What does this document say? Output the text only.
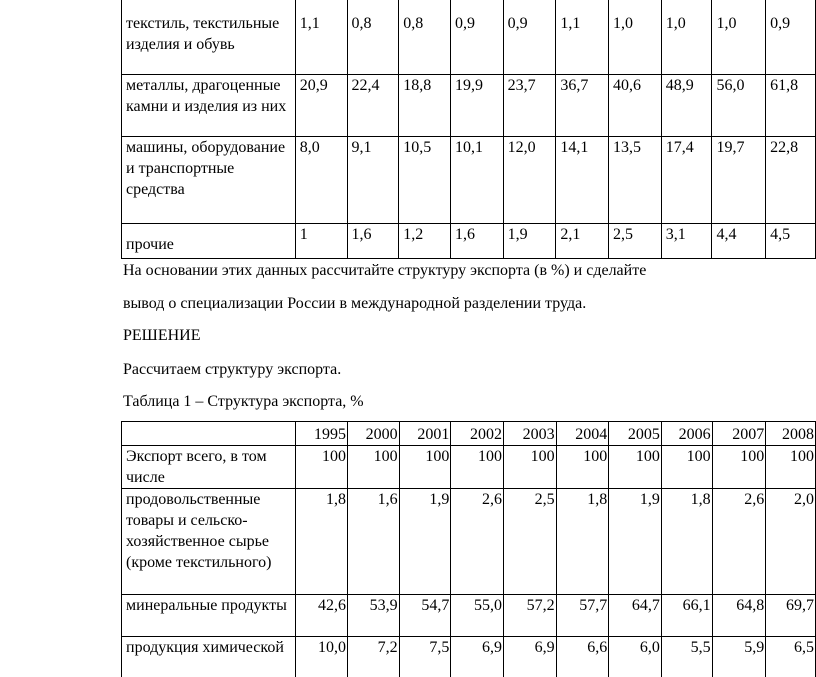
текстиль, текстильные изделия и обувь	1,1	0,8	0,8	0,9	0,9	1,1	1,0	1,0	1,0	0,9
металлы, драгоценные камни и изделия из них	20,9	22,4	18,8	19,9	23,7	36,7	40,6	48,9	56,0	61,8
машины, оборудование и транспортные средства	8,0	9,1	10,5	10,1	12,0	14,1	13,5	17,4	19,7	22,8
прочие	1	1,6	1,2	1,6	1,9	2,1	2,5	3,1	4,4	4,5
На основании этих данных рассчитайте структуру экспорта (в %) и сделайте
вывод о специализации России в международной разделении труда.
РЕШЕНИЕ
Рассчитаем структуру экспорта.
Таблица 1 – Структура экспорта, %
	1995	2000	2001	2002	2003	2004	2005	2006	2007	2008
Экспорт всего, в том числе	100	100	100	100	100	100	100	100	100	100
продовольственные товары и сельско-хозяйственное сырье (кроме текстильного)	1,8	1,6	1,9	2,6	2,5	1,8	1,9	1,8	2,6	2,0
минеральные продукты	42,6	53,9	54,7	55,0	57,2	57,7	64,7	66,1	64,8	69,7
продукция химической	10,0	7,2	7,5	6,9	6,9	6,6	6,0	5,5	5,9	6,5
